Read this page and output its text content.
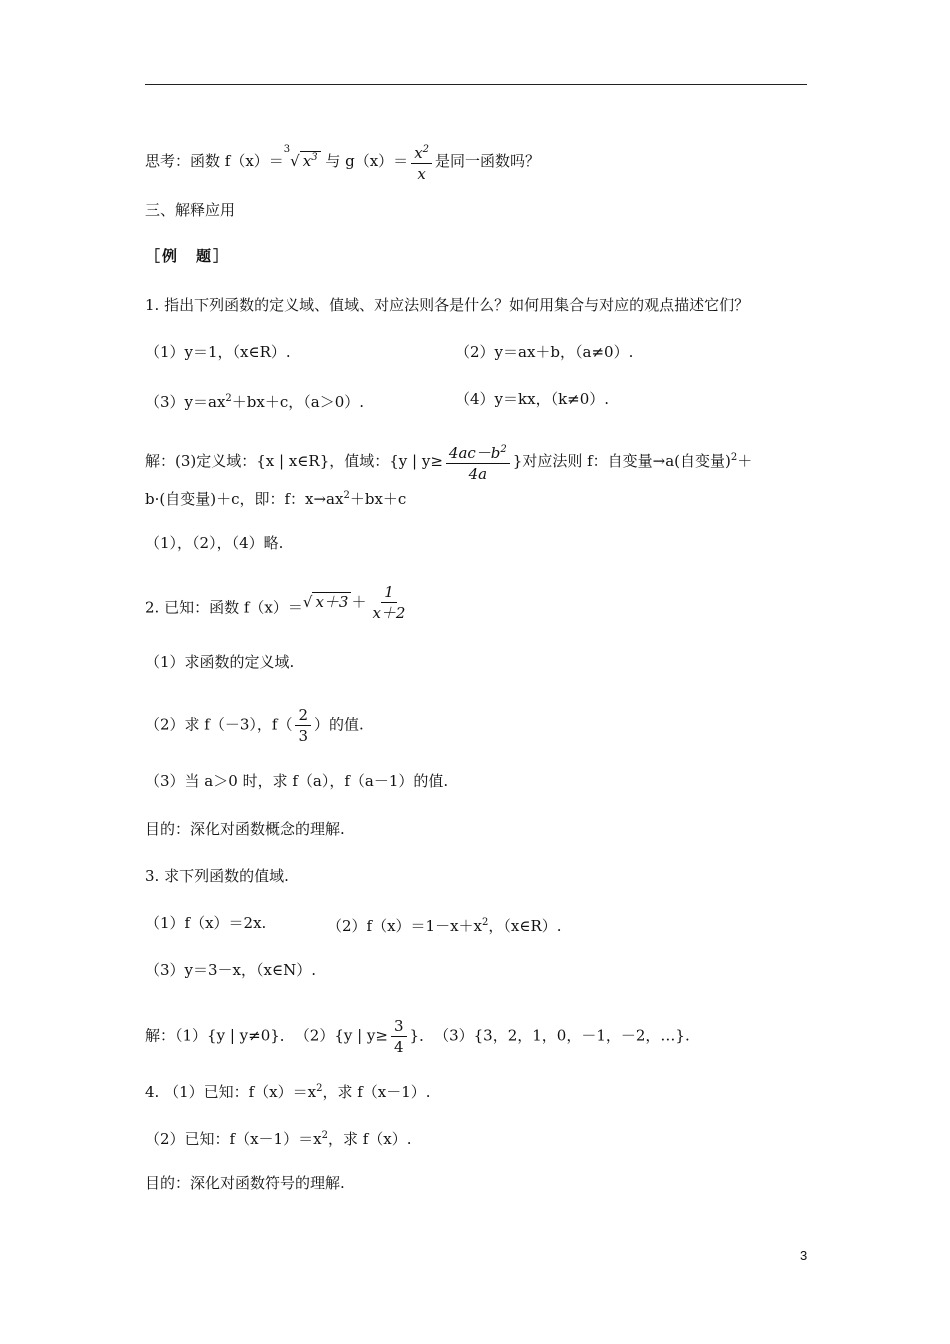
思考：函数 f（x）＝$^3$√ $x^3$ 与 $g(x)= \frac{x^2}{x}$ 是同一函数吗？
三、解释应用
［例　题］
1. 指出下列函数的定义域、值域、对应法则各是什么？如何用集合与对应的观点描述它们？
（1）y＝1，（x∈R）.	（2）y＝ax＋b，（a≠0）.
$(3)y=ax^2+bx+c$，（a＞0）.	（4）y＝kx，（k≠0）.
解：(3)定义域：{x | x∈R}，值域：{y | $y\ge \frac{4ac-b^2}{4a}$ }对应法则 f：自变量→a(自变量)$^2$＋
b·(自变量)＋c，即：f：$x\to ax^2+bx+c$
（1），（2），（4）略.
2. 已知：函数 f（x）＝√ $x+3 + \frac{1}{x+2}$
（1）求函数的定义域.
（2）求 f（－3），$f( \frac{2}{3}$ ）的值.
（3）当 a＞0 时，求 f（a），f（a－1）的值.
目的：深化对函数概念的理解.
3. 求下列函数的值域.
（1）f（x）＝2x.	$(2)f(x)=1-x+x^2$，（x∈R）.
（3）y＝3－x，（x∈N）.
解：（1）{y | y≠0}．　（2）{y | $y\ge \frac{3}{4}$ }．　（3）{3，2，1，0，－1，－2，…}.
4. （1）已知：$f(x)=x^2$，求 f（x－1）.
（2）已知：$f(x-1)=x^2$，求 f（x）.
目的：深化对函数符号的理解.
3
